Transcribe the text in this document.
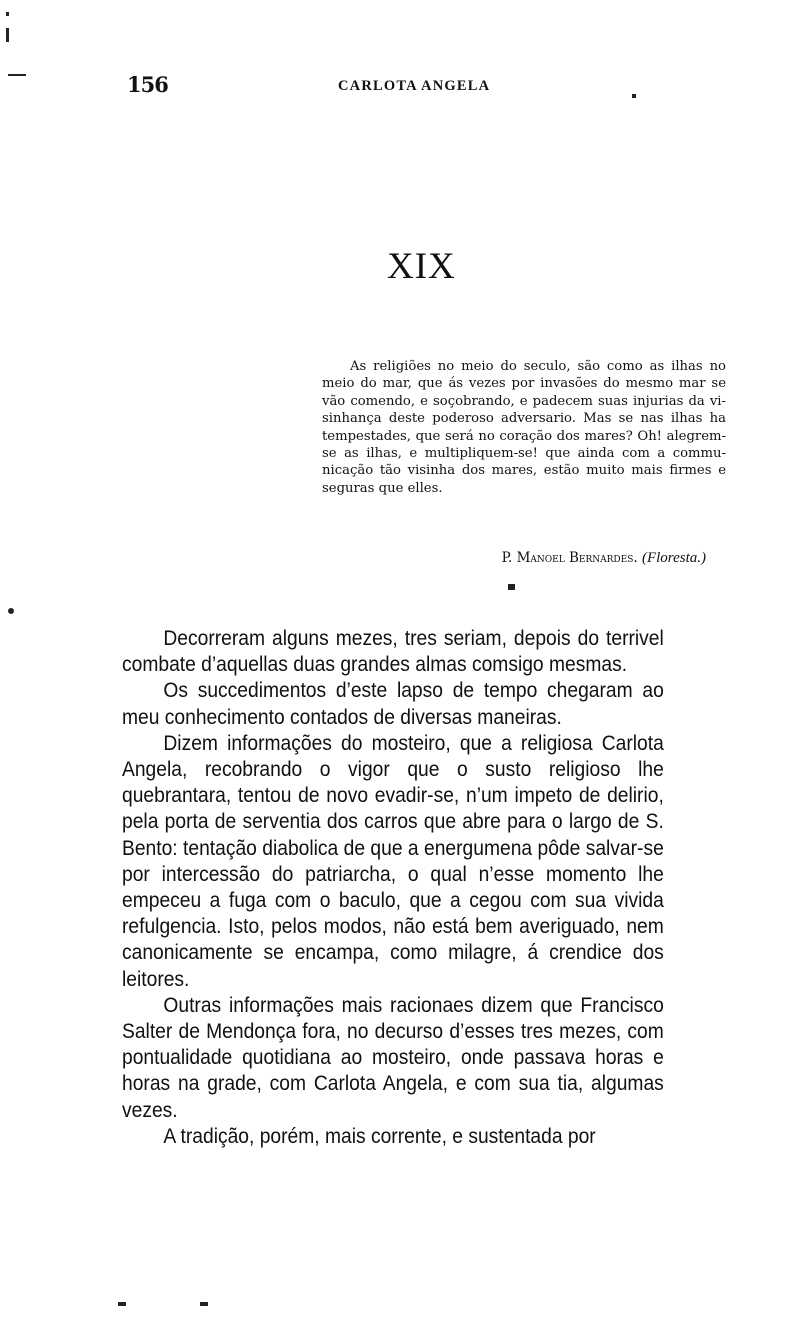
156	CARLOTA ANGELA
XIX

As religiões no meio do seculo, são como as ilhas no meio do mar, que ás vezes por invasões do mesmo mar se vão comendo, e soçobrando, e padecem suas injurias da visinhança deste poderoso adversario. Mas se nas ilhas ha tempestades, que será no coração dos mares? Oh! alegrem-se as ilhas, e multipliquem-se! que ainda com a communicação tão visinha dos mares, estão muito mais firmes e seguras que elles.

P. Manoel Bernardes. (Floresta.)

Decorreram alguns mezes, tres seriam, depois do terrivel combate d’aquellas duas grandes almas comsigo mesmas.

Os succedimentos d’este lapso de tempo chegaram ao meu conhecimento contados de diversas maneiras.

Dizem informações do mosteiro, que a religiosa Carlota Angela, recobrando o vigor que o susto religioso lhe quebrantara, tentou de novo evadir-se, n’um impeto de delirio, pela porta de serventia dos carros que abre para o largo de S. Bento: tentação diabolica de que a energumena pôde salvar-se por intercessão do patriarcha, o qual n’esse momento lhe empeceu a fuga com o baculo, que a cegou com sua vivida refulgencia. Isto, pelos modos, não está bem averiguado, nem canonicamente se encampa, como milagre, á crendice dos leitores.

Outras informações mais racionaes dizem que Francisco Salter de Mendonça fora, no decurso d’esses tres mezes, com pontualidade quotidiana ao mosteiro, onde passava horas e horas na grade, com Carlota Angela, e com sua tia, algumas vezes.

A tradição, porém, mais corrente, e sustentada por
